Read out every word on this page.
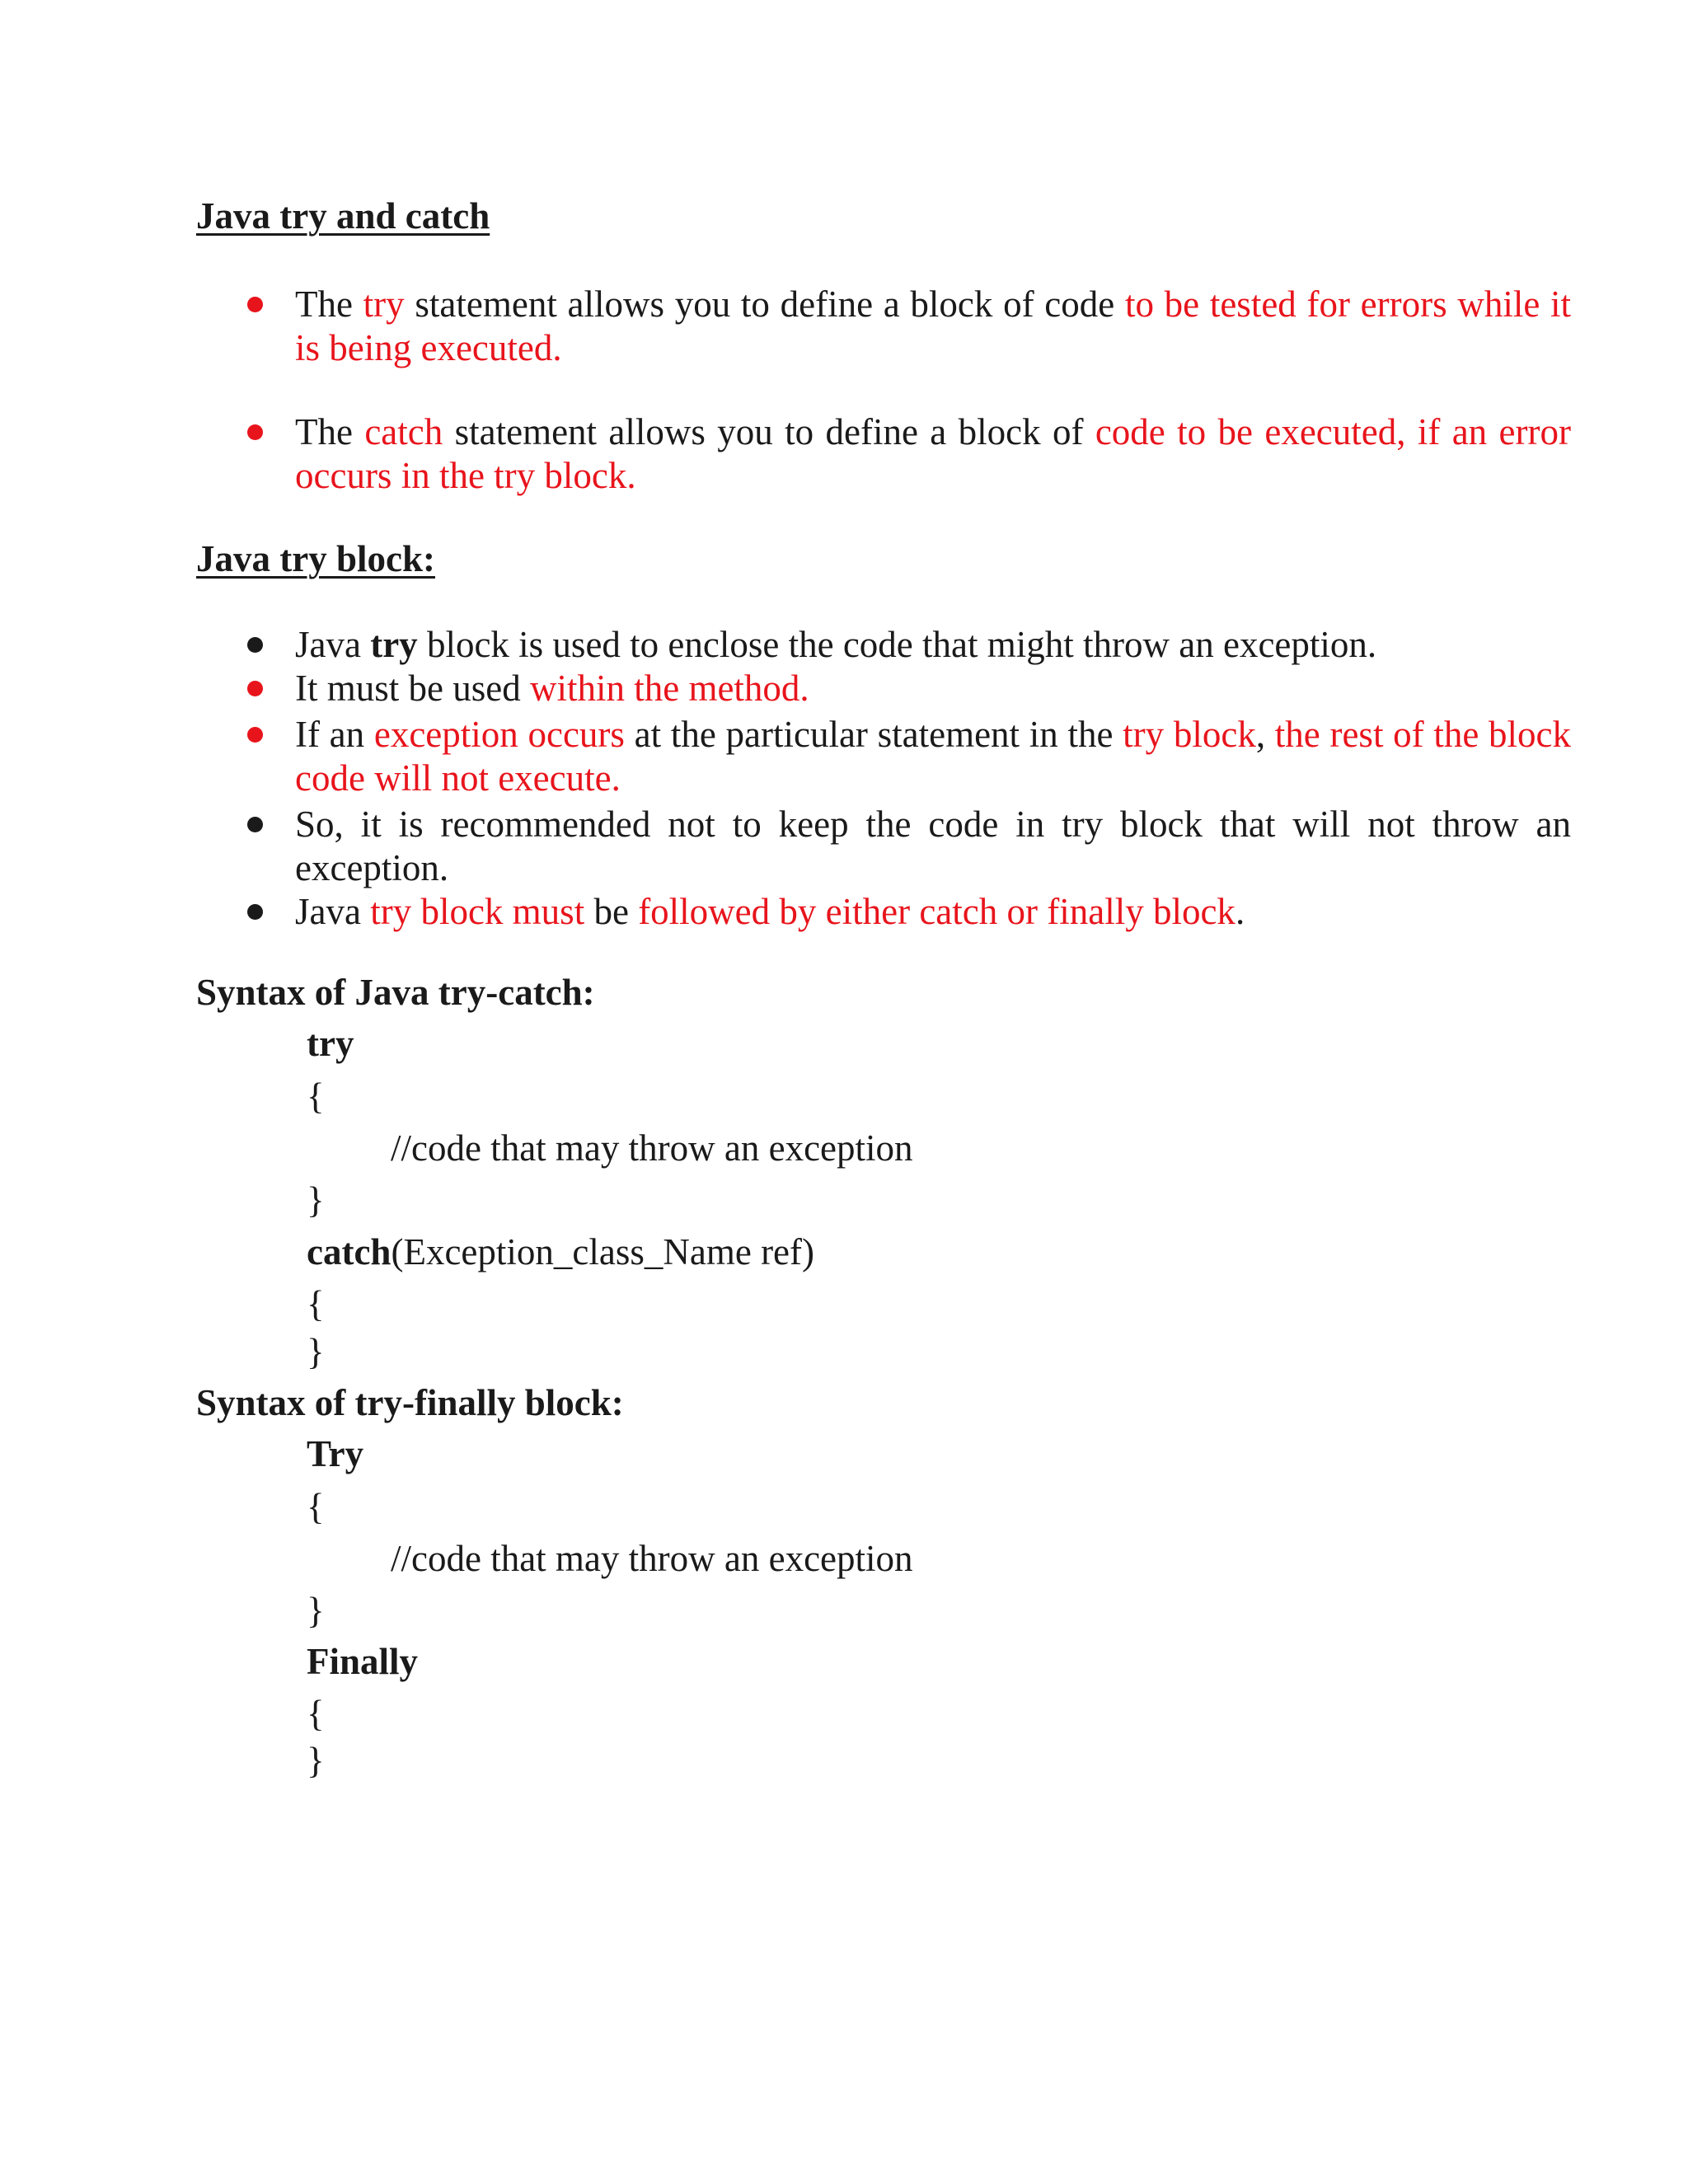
Java try and catch
The try statement allows you to define a block of code to be tested for errors while it is being executed.
The catch statement allows you to define a block of code to be executed, if an error occurs in the try block.
Java try block:
Java try block is used to enclose the code that might throw an exception.
It must be used within the method.
If an exception occurs at the particular statement in the try block, the rest of the block code will not execute.
So, it is recommended not to keep the code in try block that will not throw an exception.
Java try block must be followed by either catch or finally block.
Syntax of Java try-catch:

try

{

//code that may throw an exception

}

catch(Exception_class_Name ref)

{

}

Syntax of try-finally block:

Try

{

//code that may throw an exception

}

Finally

{

}
